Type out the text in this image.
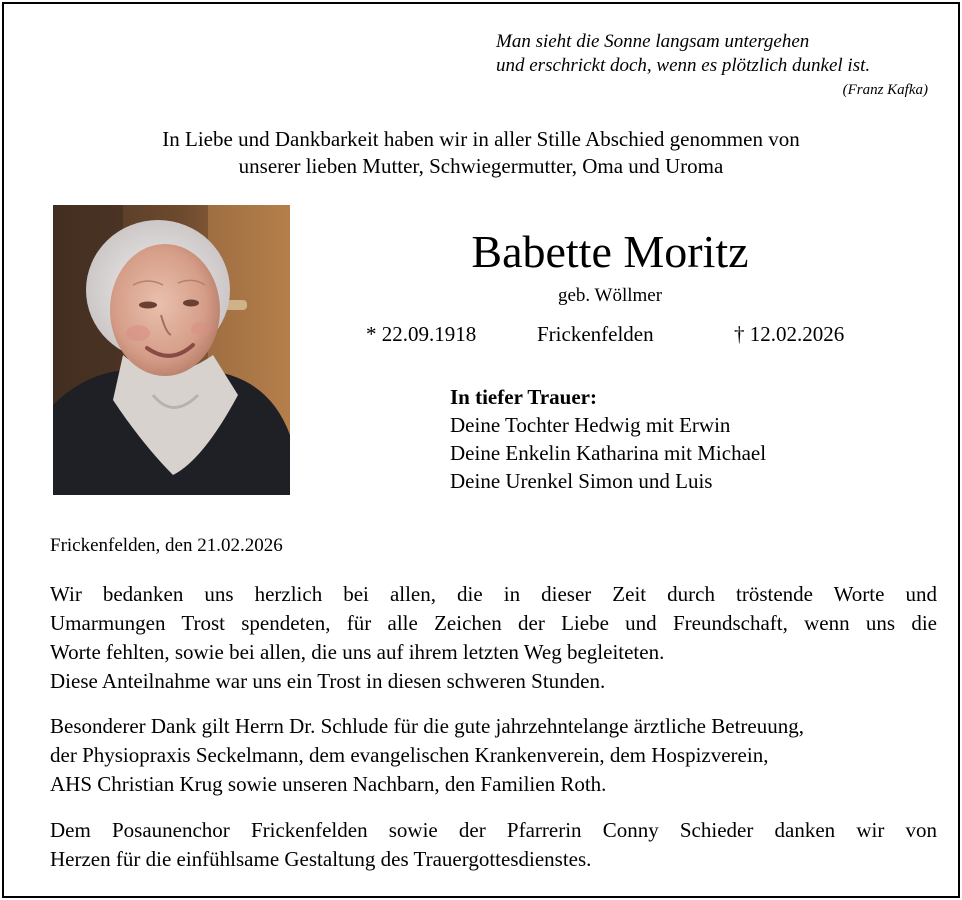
Man sieht die Sonne langsam untergehen
und erschrickt doch, wenn es plötzlich dunkel ist.
(Franz Kafka)
In Liebe und Dankbarkeit haben wir in aller Stille Abschied genommen von
unserer lieben Mutter, Schwiegermutter, Oma und Uroma
Babette Moritz
geb. Wöllmer
* 22.09.1918	Frickenfelden	† 12.02.2026
In tiefer Trauer:
Deine Tochter Hedwig mit Erwin
Deine Enkelin Katharina mit Michael
Deine Urenkel Simon und Luis
Frickenfelden, den 21.02.2026
Wir bedanken uns herzlich bei allen, die in dieser Zeit durch tröstende Worte und
Umarmungen Trost spendeten, für alle Zeichen der Liebe und Freundschaft, wenn uns die
Worte fehlten, sowie bei allen, die uns auf ihrem letzten Weg begleiteten.
Diese Anteilnahme war uns ein Trost in diesen schweren Stunden.
Besonderer Dank gilt Herrn Dr. Schlude für die gute jahrzehntelange ärztliche Betreuung,
der Physiopraxis Seckelmann, dem evangelischen Krankenverein, dem Hospizverein,
AHS Christian Krug sowie unseren Nachbarn, den Familien Roth.
Dem Posaunenchor Frickenfelden sowie der Pfarrerin Conny Schieder danken wir von
Herzen für die einfühlsame Gestaltung des Trauergottesdienstes.
